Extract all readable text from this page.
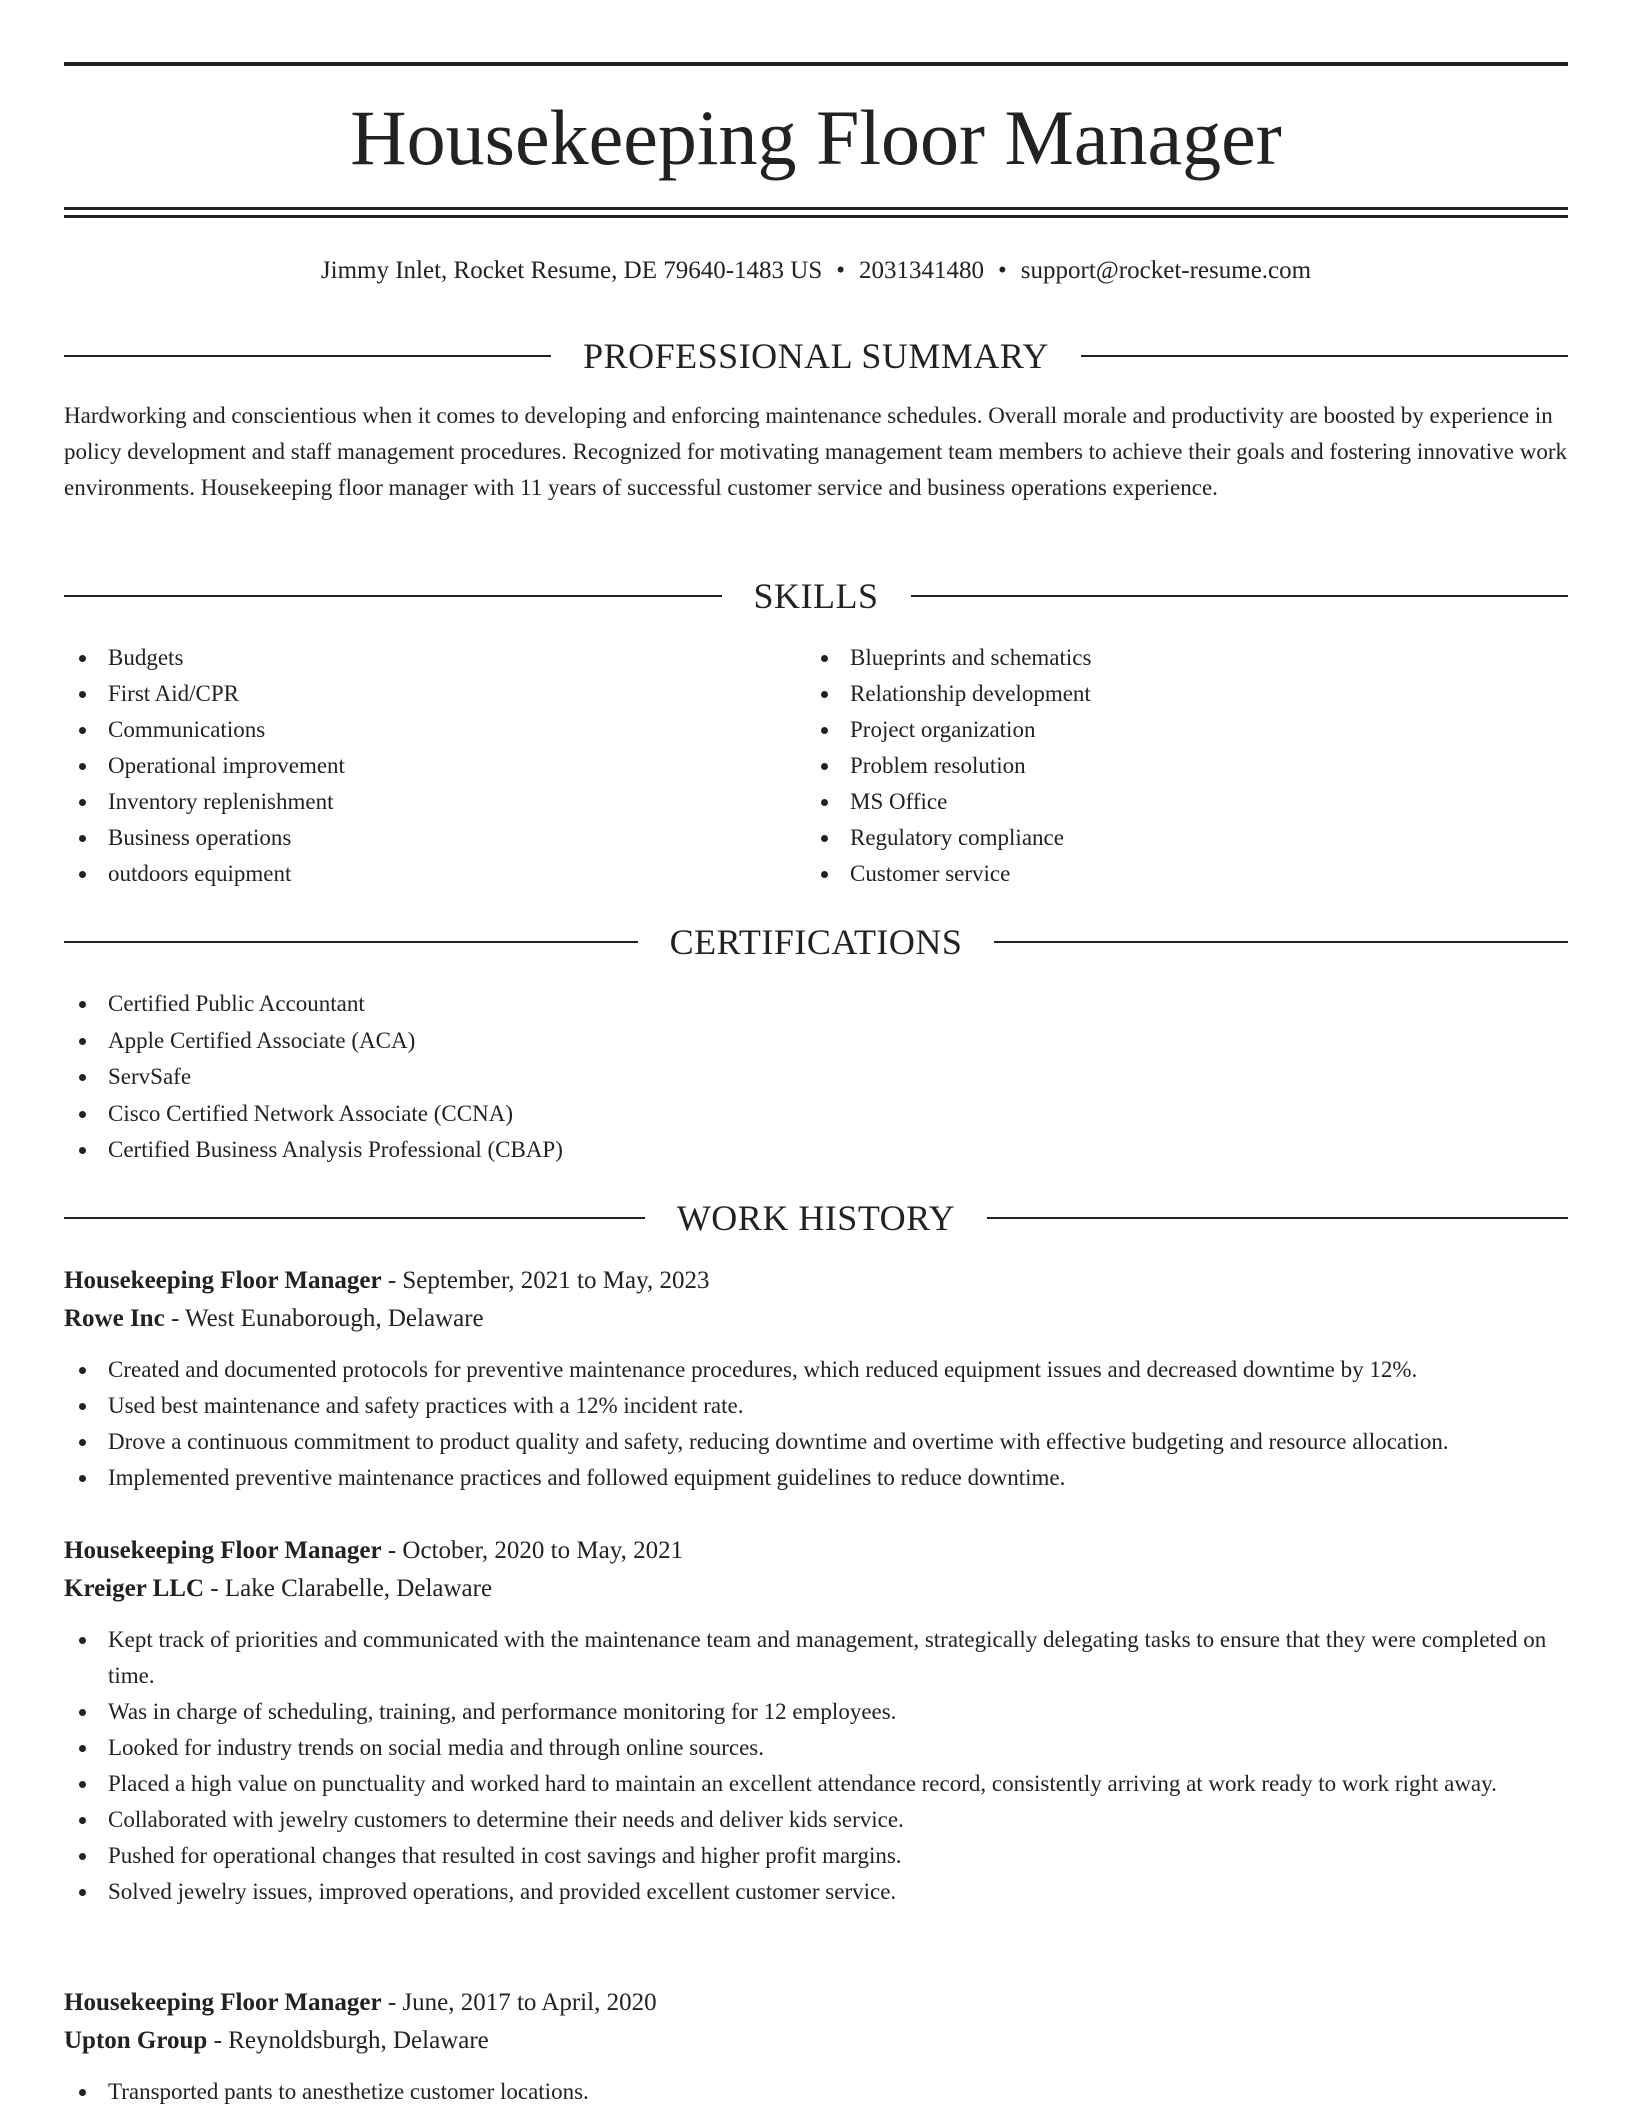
Housekeeping Floor Manager
Jimmy Inlet, Rocket Resume, DE 79640-1483 US • 2031341480 • support@rocket-resume.com
PROFESSIONAL SUMMARY

Hardworking and conscientious when it comes to developing and enforcing maintenance schedules. Overall morale and productivity are boosted by experience in policy development and staff management procedures. Recognized for motivating management team members to achieve their goals and fostering innovative work environments. Housekeeping floor manager with 11 years of successful customer service and business operations experience.

SKILLS
Budgets
First Aid/CPR
Communications
Operational improvement
Inventory replenishment
Business operations
outdoors equipment
Blueprints and schematics
Relationship development
Project organization
Problem resolution
MS Office
Regulatory compliance
Customer service
CERTIFICATIONS
Certified Public Accountant
Apple Certified Associate (ACA)
ServSafe
Cisco Certified Network Associate (CCNA)
Certified Business Analysis Professional (CBAP)
WORK HISTORY
Housekeeping Floor Manager - September, 2021 to May, 2023
Rowe Inc - West Eunaborough, Delaware
Created and documented protocols for preventive maintenance procedures, which reduced equipment issues and decreased downtime by 12%.
Used best maintenance and safety practices with a 12% incident rate.
Drove a continuous commitment to product quality and safety, reducing downtime and overtime with effective budgeting and resource allocation.
Implemented preventive maintenance practices and followed equipment guidelines to reduce downtime.
Housekeeping Floor Manager - October, 2020 to May, 2021
Kreiger LLC - Lake Clarabelle, Delaware
Kept track of priorities and communicated with the maintenance team and management, strategically delegating tasks to ensure that they were completed on time.
Was in charge of scheduling, training, and performance monitoring for 12 employees.
Looked for industry trends on social media and through online sources.
Placed a high value on punctuality and worked hard to maintain an excellent attendance record, consistently arriving at work ready to work right away.
Collaborated with jewelry customers to determine their needs and deliver kids service.
Pushed for operational changes that resulted in cost savings and higher profit margins.
Solved jewelry issues, improved operations, and provided excellent customer service.
Housekeeping Floor Manager - June, 2017 to April, 2020
Upton Group - Reynoldsburgh, Delaware
Transported pants to anesthetize customer locations.
